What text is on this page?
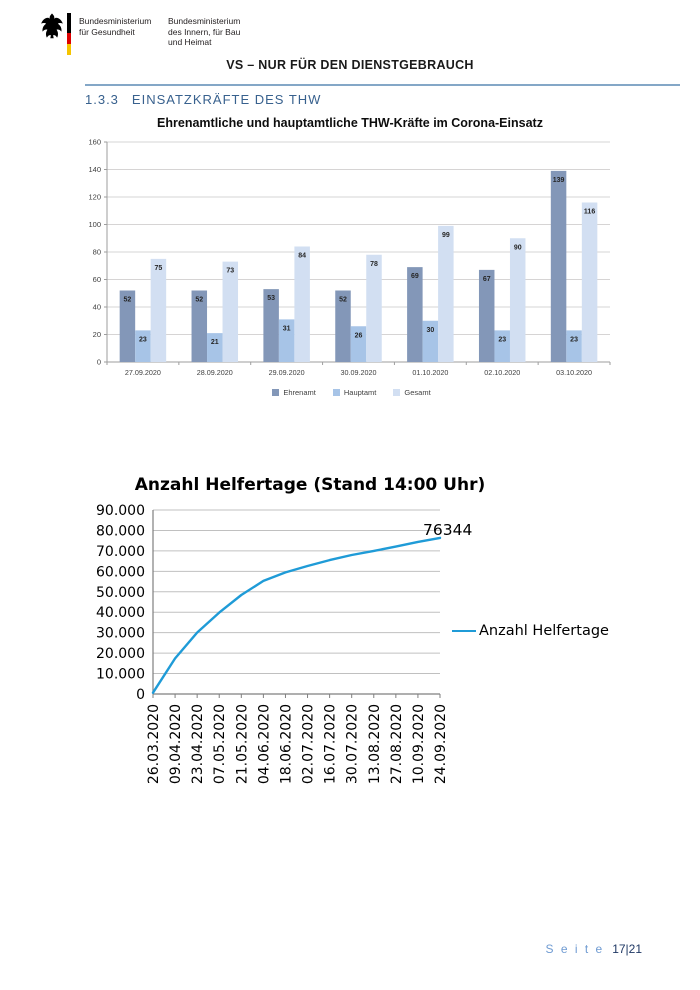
Bundesministerium
für Gesundheit
Bundesministerium
des Innern, für Bau
und Heimat
VS – NUR FÜR DEN DIENSTGEBRAUCH
1.3.3 EINSATZKRÄFTE DES THW
Ehrenamtliche und hauptamtliche THW-Kräfte im Corona-Einsatz
0
20
40
60
80
100
120
140
160
52	52	53	52
69	67
139
23	21
31
26
30
23	23
75	73
84
78
99
90
116
27.09.2020	28.09.2020	29.09.2020	30.09.2020	01.10.2020	02.10.2020	03.10.2020
Ehrenamt	Hauptamt	Gesamt
Anzahl Helfertage (Stand 14:00 Uhr)
0
10.000
20.000
30.000
40.000
50.000
60.000
70.000
80.000
90.000
26.03.2020 09.04.2020 23.04.2020 07.05.2020 21.05.2020 04.06.2020 18.06.2020 02.07.2020 16.07.2020 30.07.2020 13.08.2020 27.08.2020 10.09.2020 24.09.2020
76344
Anzahl Helfertage
S e i t e 17|21
